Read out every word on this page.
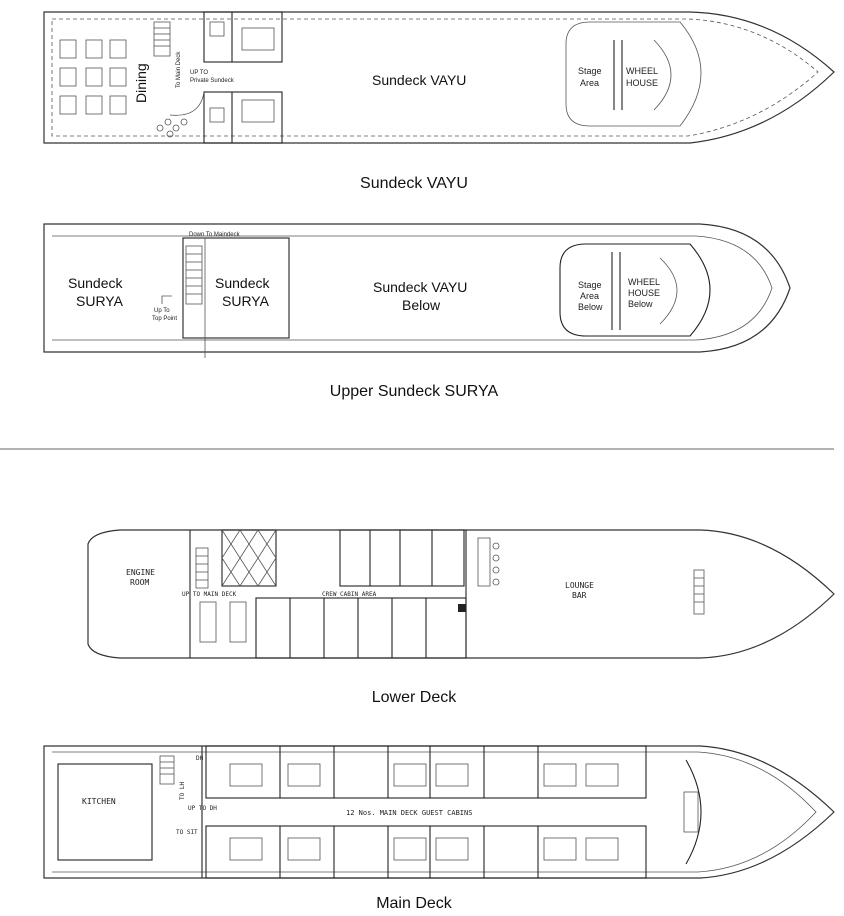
Dining	To Main Deck UP TO
Private Sundeck	Sundeck VAYU
Stage
Area
WHEEL
HOUSE
Sundeck VAYU
Down To Maindeck
Sundeck
SURYA
Sundeck
SURYA
Up To
Top Point
Sundeck VAYU
Below
Stage
Area
Below
WHEEL
HOUSE
Below
Upper Sundeck SURYA
ENGINE
ROOM
UP TO MAIN DECK	CREW CABIN AREA
LOUNGE
BAR
Lower Deck
KITCHEN
TO LH
DH
UP TO DH
TO SIT
12 Nos. MAIN DECK GUEST CABINS
Main Deck
